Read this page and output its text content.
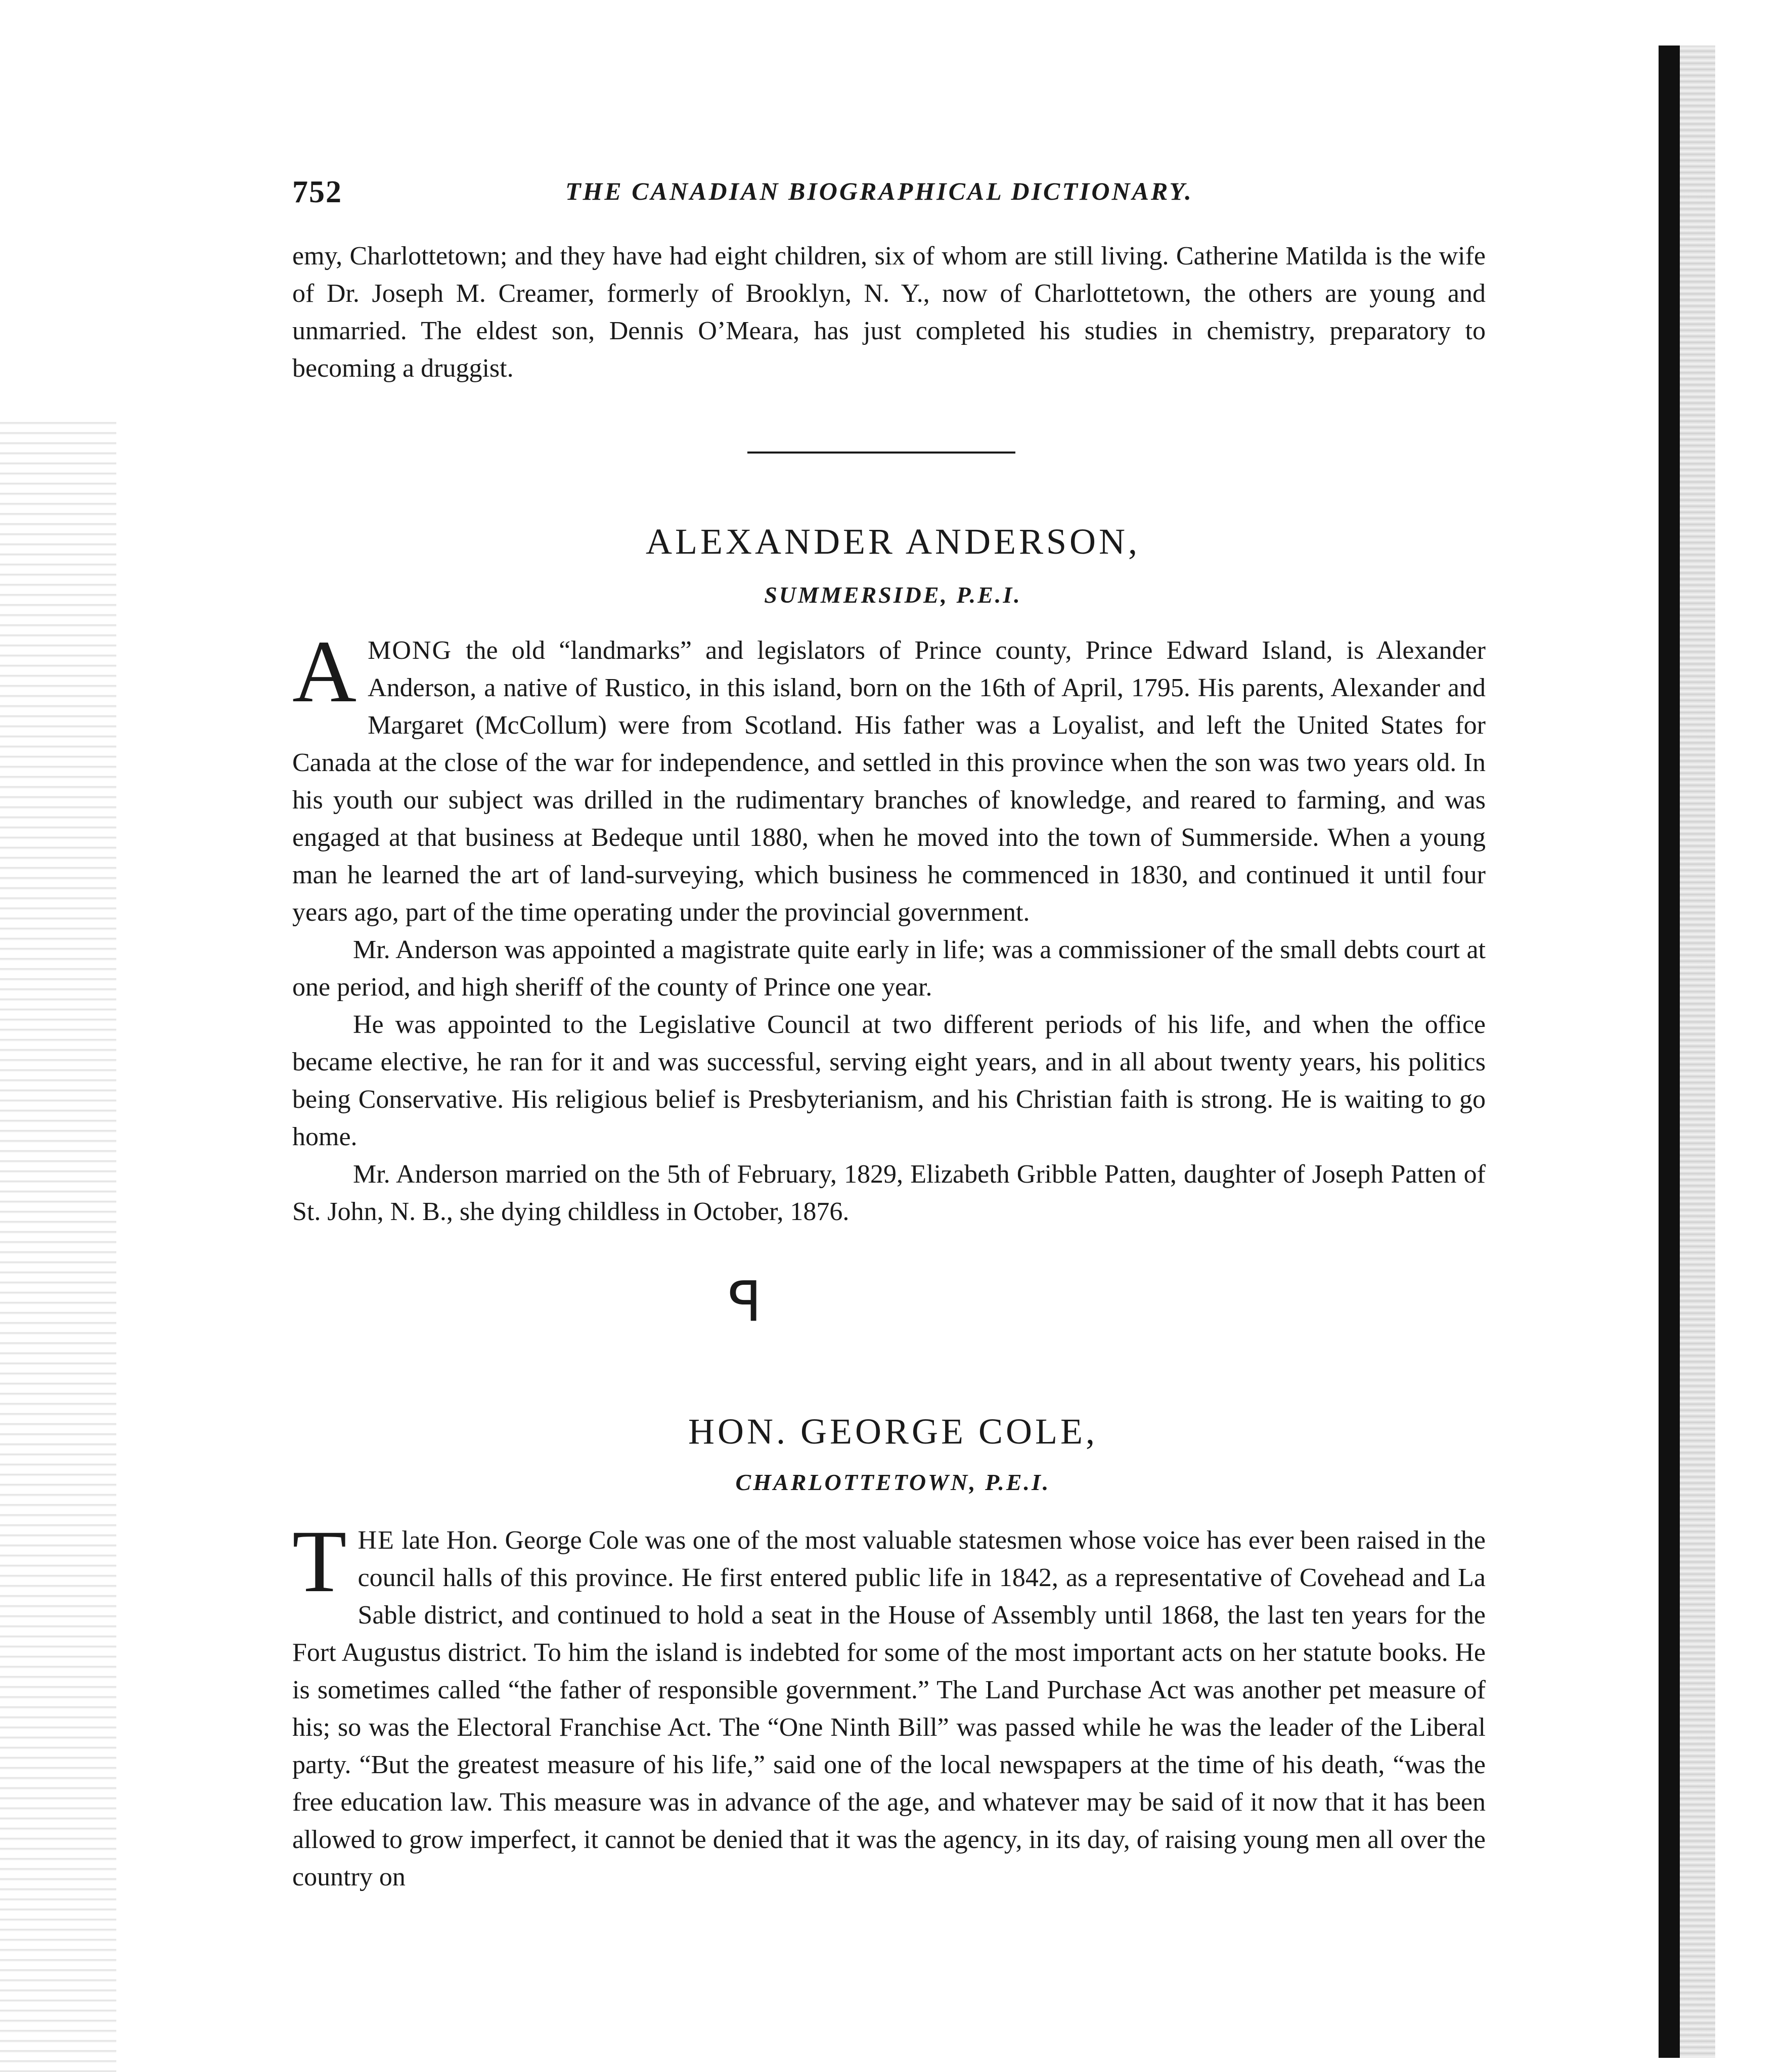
752	THE CANADIAN BIOGRAPHICAL DICTIONARY.

emy, Charlottetown; and they have had eight children, six of whom are still living. Catherine Matilda is the wife of Dr. Joseph M. Creamer, formerly of Brooklyn, N. Y., now of Charlottetown, the others are young and unmarried. The eldest son, Dennis O’Meara, has just completed his studies in chemistry, preparatory to becoming a druggist.

ALEXANDER ANDERSON,
SUMMERSIDE, P.E.I.

AMONG the old “landmarks” and legislators of Prince county, Prince Edward Island, is Alexander Anderson, a native of Rustico, in this island, born on the 16th of April, 1795. His parents, Alexander and Margaret (McCollum) were from Scotland. His father was a Loyalist, and left the United States for Canada at the close of the war for independence, and settled in this province when the son was two years old. In his youth our subject was drilled in the rudimentary branches of knowledge, and reared to farming, and was engaged at that business at Bedeque until 1880, when he moved into the town of Summerside. When a young man he learned the art of land-surveying, which business he commenced in 1830, and continued it until four years ago, part of the time operating under the provincial government.

Mr. Anderson was appointed a magistrate quite early in life; was a commissioner of the small debts court at one period, and high sheriff of the county of Prince one year.

He was appointed to the Legislative Council at two different periods of his life, and when the office became elective, he ran for it and was successful, serving eight years, and in all about twenty years, his politics being Conservative. His religious belief is Presbyterianism, and his Christian faith is strong. He is waiting to go home.

Mr. Anderson married on the 5th of February, 1829, Elizabeth Gribble Patten, daughter of Joseph Patten of St. John, N. B., she dying childless in October, 1876.

ꟼ
HON. GEORGE COLE,
CHARLOTTETOWN, P.E.I.

THE late Hon. George Cole was one of the most valuable statesmen whose voice has ever been raised in the council halls of this province. He first entered public life in 1842, as a representative of Covehead and La Sable district, and continued to hold a seat in the House of Assembly until 1868, the last ten years for the Fort Augustus district. To him the island is indebted for some of the most important acts on her statute books. He is sometimes called “the father of responsible government.” The Land Purchase Act was another pet measure of his; so was the Electoral Franchise Act. The “One Ninth Bill” was passed while he was the leader of the Liberal party. “But the greatest measure of his life,” said one of the local newspapers at the time of his death, “was the free education law. This measure was in advance of the age, and whatever may be said of it now that it has been allowed to grow imperfect, it cannot be denied that it was the agency, in its day, of raising young men all over the country on
